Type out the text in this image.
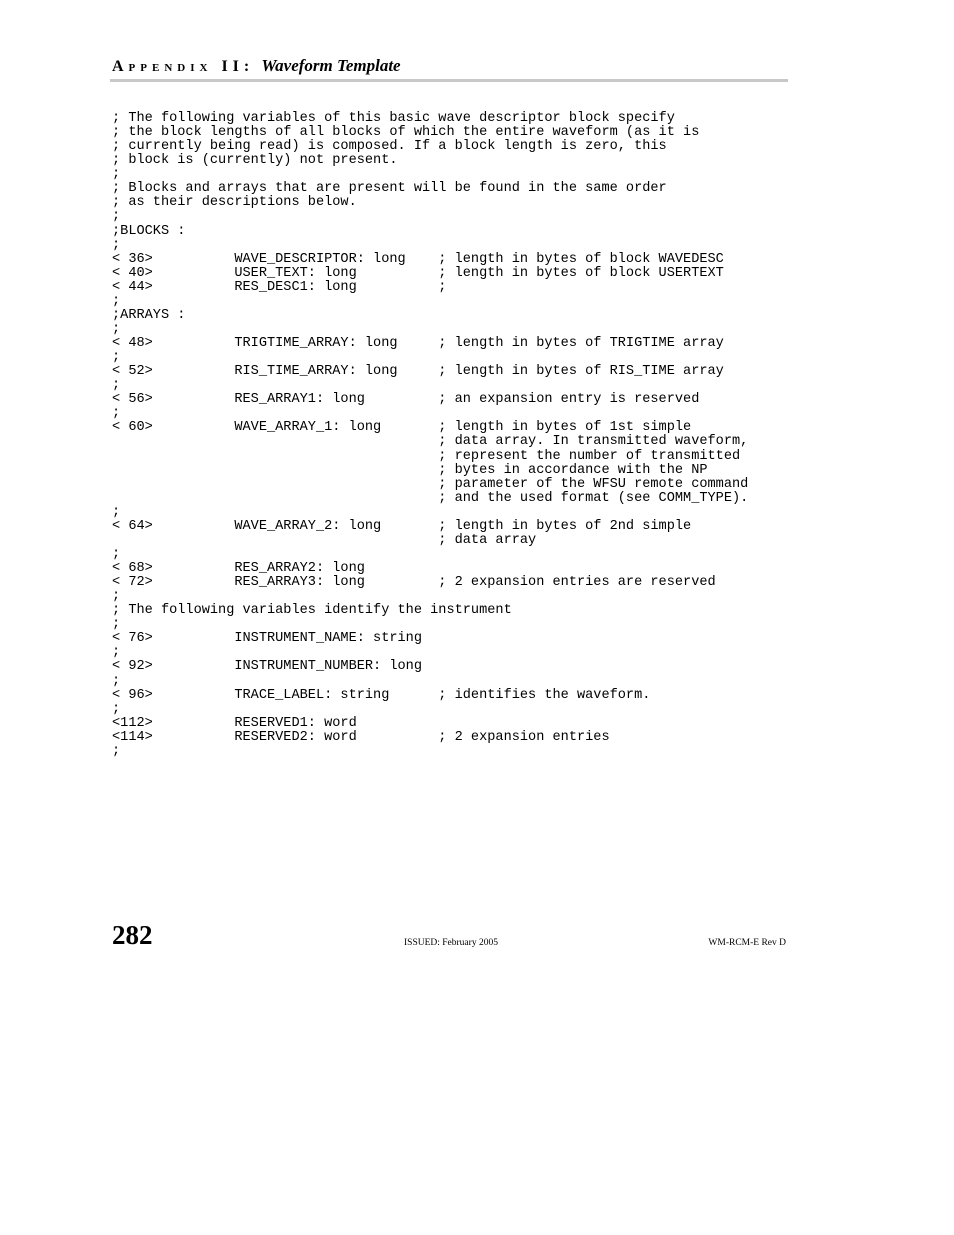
Appendix II: Waveform Template
; The following variables of this basic wave descriptor block specify
; the block lengths of all blocks of which the entire waveform (as it is
; currently being read) is composed. If a block length is zero, this
; block is (currently) not present.
;
; Blocks and arrays that are present will be found in the same order
; as their descriptions below.
;
;BLOCKS :
;
< 36>          WAVE_DESCRIPTOR: long    ; length in bytes of block WAVEDESC
< 40>          USER_TEXT: long          ; length in bytes of block USERTEXT
< 44>          RES_DESC1: long          ;
;
;ARRAYS :
;
< 48>          TRIGTIME_ARRAY: long     ; length in bytes of TRIGTIME array
;
< 52>          RIS_TIME_ARRAY: long     ; length in bytes of RIS_TIME array
;
< 56>          RES_ARRAY1: long         ; an expansion entry is reserved
;
< 60>          WAVE_ARRAY_1: long       ; length in bytes of 1st simple
; data array. In transmitted waveform,
; represent the number of transmitted
; bytes in accordance with the NP
; parameter of the WFSU remote command
; and the used format (see COMM_TYPE).
;
< 64>          WAVE_ARRAY_2: long       ; length in bytes of 2nd simple
; data array
;
< 68>          RES_ARRAY2: long
< 72>          RES_ARRAY3: long         ; 2 expansion entries are reserved
;
; The following variables identify the instrument
;
< 76>          INSTRUMENT_NAME: string
;
< 92>          INSTRUMENT_NUMBER: long
;
< 96>          TRACE_LABEL: string      ; identifies the waveform.
;
<112>          RESERVED1: word
<114>          RESERVED2: word          ; 2 expansion entries
;

282	ISSUED: February 2005	WM-RCM-E Rev D
